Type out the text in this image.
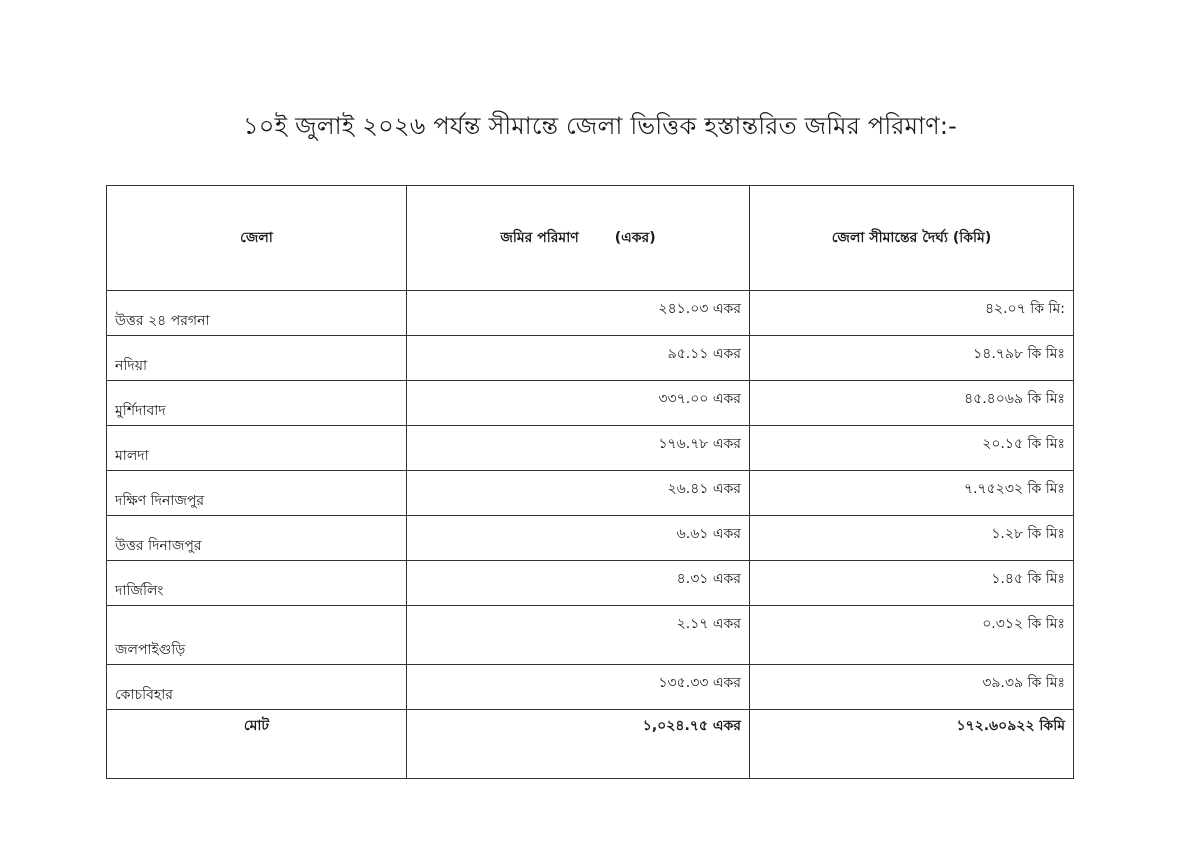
১০ই জুলাই ২০২৬ পর্যন্ত সীমান্তে জেলা ভিত্তিক হস্তান্তরিত জমির পরিমাণ:-
জেলা	জমির পরিমাণ (একর)	জেলা সীমান্তের দৈর্ঘ্য (কিমি)
উত্তর ২৪ পরগনা	২৪১.০৩ একর	৪২.০৭ কি মি:
নদিয়া	৯৫.১১ একর	১৪.৭৯৮ কি মিঃ
মুর্শিদাবাদ	৩৩৭.০০ একর	৪৫.৪০৬৯ কি মিঃ
মালদা	১৭৬.৭৮ একর	২০.১৫ কি মিঃ
দক্ষিণ দিনাজপুর	২৬.৪১ একর	৭.৭৫২৩২ কি মিঃ
উত্তর দিনাজপুর	৬.৬১ একর	১.২৮ কি মিঃ
দার্জিলিং	৪.৩১ একর	১.৪৫ কি মিঃ
জলপাইগুড়ি	২.১৭ একর	০.৩১২ কি মিঃ
কোচবিহার	১৩৫.৩৩ একর	৩৯.৩৯ কি মিঃ
মোট	১,০২৪.৭৫ একর	১৭২.৬০৯২২ কিমি
